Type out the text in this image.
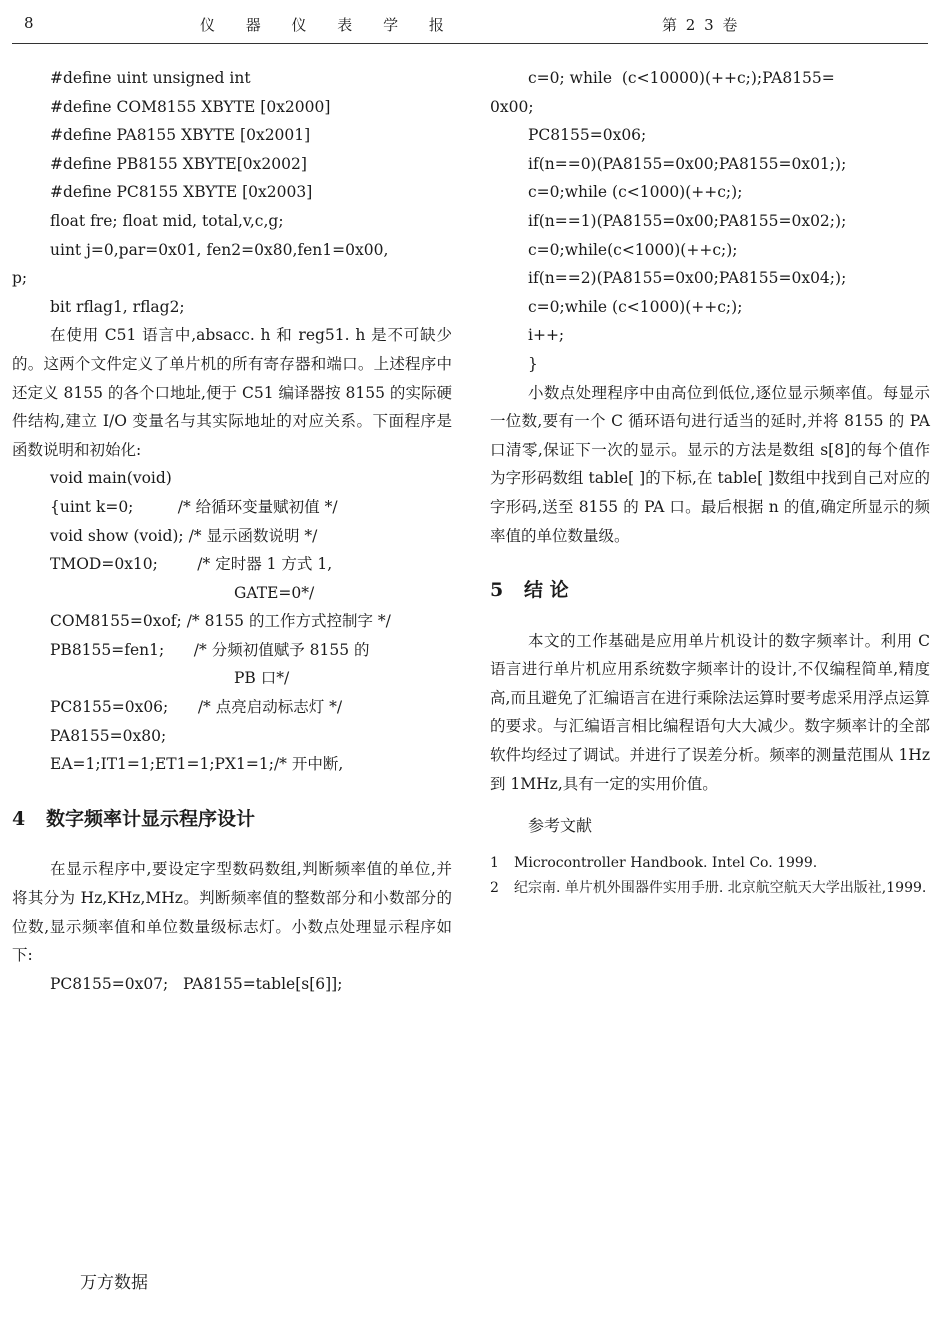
8	仪 器 仪 表 学 报	第 2 3 卷
#define uint unsigned int
#define COM8155 XBYTE [0x2000]
#define PA8155 XBYTE [0x2001]
#define PB8155 XBYTE[0x2002]
#define PC8155 XBYTE [0x2003]
float fre; float mid, total,v,c,g;
uint j=0,par=0x01, fen2=0x80,fen1=0x00,
p;
bit rflag1, rflag2;

在使用 C51 语言中,absacc. h 和 reg51. h 是不可缺少的。这两个文件定义了单片机的所有寄存器和端口。上述程序中还定义 8155 的各个口地址,便于 C51 编译器按 8155 的实际硬件结构,建立 I/O 变量名与其实际地址的对应关系。下面程序是函数说明和初始化:

void main(void)
{uint k=0;         /* 给循环变量赋初值 */
void show (void); /* 显示函数说明 */
TMOD=0x10;        /* 定时器 1 方式 1,
GATE=0*/
COM8155=0xof; /* 8155 的工作方式控制字 */
PB8155=fen1;      /* 分频初值赋予 8155 的
PB 口*/
PC8155=0x06;      /* 点亮启动标志灯 */
PA8155=0x80;
EA=1;IT1=1;ET1=1;PX1=1;/* 开中断,
4 数字频率计显示程序设计

在显示程序中,要设定字型数码数组,判断频率值的单位,并将其分为 Hz,KHz,MHz。判断频率值的整数部分和小数部分的位数,显示频率值和单位数量级标志灯。小数点处理显示程序如下:

PC8155=0x07;   PA8155=table[s[6]];
c=0; while  (c<10000)(++c;);PA8155=
0x00;
PC8155=0x06;
if(n==0)(PA8155=0x00;PA8155=0x01;);
c=0;while (c<1000)(++c;);
if(n==1)(PA8155=0x00;PA8155=0x02;);
c=0;while(c<1000)(++c;);
if(n==2)(PA8155=0x00;PA8155=0x04;);
c=0;while (c<1000)(++c;);
i++;
}

小数点处理程序中由高位到低位,逐位显示频率值。每显示一位数,要有一个 C 循环语句进行适当的延时,并将 8155 的 PA 口清零,保证下一次的显示。显示的方法是数组 s[8]的每个值作为字形码数组 table[ ]的下标,在 table[ ]数组中找到自己对应的字形码,送至 8155 的 PA 口。最后根据 n 的值,确定所显示的频率值的单位数量级。

5 结 论

本文的工作基础是应用单片机设计的数字频率计。利用 C 语言进行单片机应用系统数字频率计的设计,不仅编程简单,精度高,而且避免了汇编语言在进行乘除法运算时要考虑采用浮点运算的要求。与汇编语言相比编程语句大大减少。数字频率计的全部软件均经过了调试。并进行了误差分析。频率的测量范围从 1Hz 到 1MHz,具有一定的实用价值。

参考文献

1 Microcontroller Handbook. Intel Co. 1999.

2 纪宗南. 单片机外围器件实用手册. 北京航空航天大学出版社,1999.

万方数据
